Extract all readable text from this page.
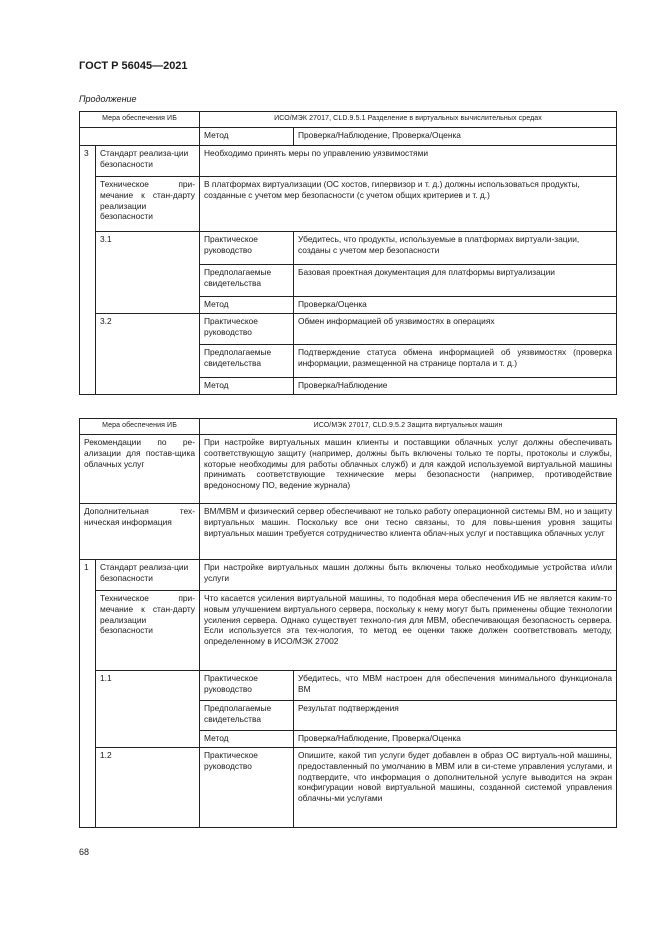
ГОСТ Р 56045—2021
Продолжение
Мера обеспечения ИБ		ИСО/МЭК 27017, CLD.9.5.1 Разделение в виртуальных вычислительных средах	
		Метод	Проверка/Наблюдение, Проверка/Оценка
3	Стандарт реализа-ции безопасности	Необходимо принять меры по управлению уязвимостями	
	Техническое при-мечание к стан-дарту реализации безопасности	В платформах виртуализации (ОС хостов, гипервизор и т. д.) должны использоваться продукты, созданные с учетом мер безопасности (с учетом общих критериев и т. д.)	
	3.1	Практическое руководство	Убедитесь, что продукты, используемые в платформах виртуали-зации, созданы с учетом мер безопасности
		Предполагаемые свидетельства	Базовая проектная документация для платформы виртуализации
		Метод	Проверка/Оценка
	3.2	Практическое руководство	Обмен информацией об уязвимостях в операциях
		Предполагаемые свидетельства	Подтверждение статуса обмена информацией об уязвимостях (проверка информации, размещенной на странице портала и т. д.)
		Метод	Проверка/Наблюдение
Мера обеспечения ИБ		ИСО/МЭК 27017, CLD.9.5.2 Защита виртуальных машин	
Рекомендации по ре-ализации для постав-щика облачных услуг		При настройке виртуальных машин клиенты и поставщики облачных услуг должны обеспечивать соответствующую защиту (например, должны быть включены только те порты, протоколы и службы, которые необходимы для работы облачных служб) и для каждой используемой виртуальной машины принимать соответствующие технические меры безопасности (например, противодействие вредоносному ПО, ведение журнала)	
Дополнительная тех-ническая информация		ВМ/МВМ и физический сервер обеспечивают не только работу операционной системы ВМ, но и защиту виртуальных машин. Поскольку все они тесно связаны, то для повы-шения уровня защиты виртуальных машин требуется сотрудничество клиента облач-ных услуг и поставщика облачных услуг	
1	Стандарт реализа-ции безопасности	При настройке виртуальных машин должны быть включены только необходимые устройства и/или услуги	
	Техническое при-мечание к стан-дарту реализации безопасности	Что касается усиления виртуальной машины, то подобная мера обеспечения ИБ не является каким-то новым улучшением виртуального сервера, поскольку к нему могут быть применены общие технологии усиления сервера. Однако существует техноло-гия для МВМ, обеспечивающая безопасность сервера. Если используется эта тех-нология, то метод ее оценки также должен соответствовать методу, определенному в ИСО/МЭК 27002	
	1.1	Практическое руководство	Убедитесь, что МВМ настроен для обеспечения минимального функционала ВМ
		Предполагаемые свидетельства	Результат подтверждения
		Метод	Проверка/Наблюдение, Проверка/Оценка
	1.2	Практическое руководство	Опишите, какой тип услуги будет добавлен в образ ОС виртуаль-ной машины, предоставленный по умолчанию в МВМ или в си-стеме управления услугами, и подтвердите, что информация о дополнительной услуге выводится на экран конфигурации новой виртуальной машины, созданной системой управления облачны-ми услугами
68
